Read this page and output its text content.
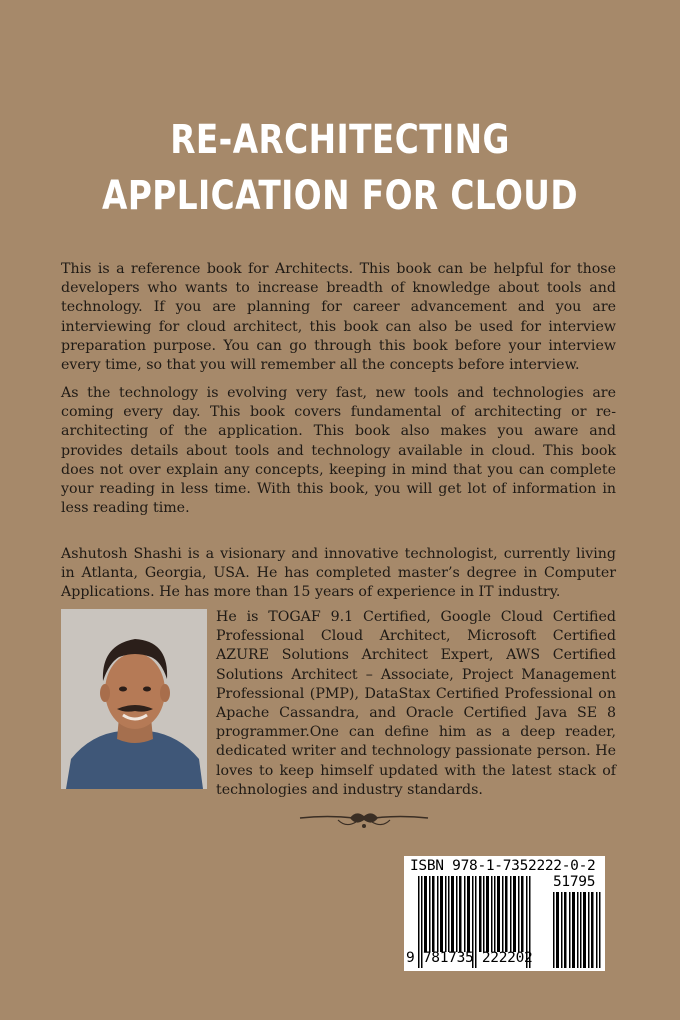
RE-ARCHITECTING
APPLICATION FOR CLOUD

This is a reference book for Architects. This book can be helpful for those developers who wants to increase breadth of knowledge about tools and technology. If you are planning for career advancement and you are interviewing for cloud architect, this book can also be used for interview preparation purpose. You can go through this book before your interview every time, so that you will remember all the concepts before interview.

As the technology is evolving very fast, new tools and technologies are coming every day. This book covers fundamental of architecting or re-architecting of the application. This book also makes you aware and provides details about tools and technology available in cloud. This book does not over explain any concepts, keeping in mind that you can complete your reading in less time. With this book, you will get lot of information in less reading time.

Ashutosh Shashi is a visionary and innovative technologist, currently living in Atlanta, Georgia, USA. He has completed master’s degree in Computer Applications. He has more than 15 years of experience in IT industry.

He is TOGAF 9.1 Certified, Google Cloud Certified Professional Cloud Architect, Microsoft Certified AZURE Solutions Architect Expert, AWS Certified Solutions Architect – Associate, Project Management Professional (PMP), DataStax Certified Professional on Apache Cassandra, and Oracle Certified Java SE 8 programmer.One can define him as a deep reader, dedicated writer and technology passionate person. He loves to keep himself updated with the latest stack of technologies and industry standards.

ISBN 978-1-7352222-0-2
51795
9 781735 222202
